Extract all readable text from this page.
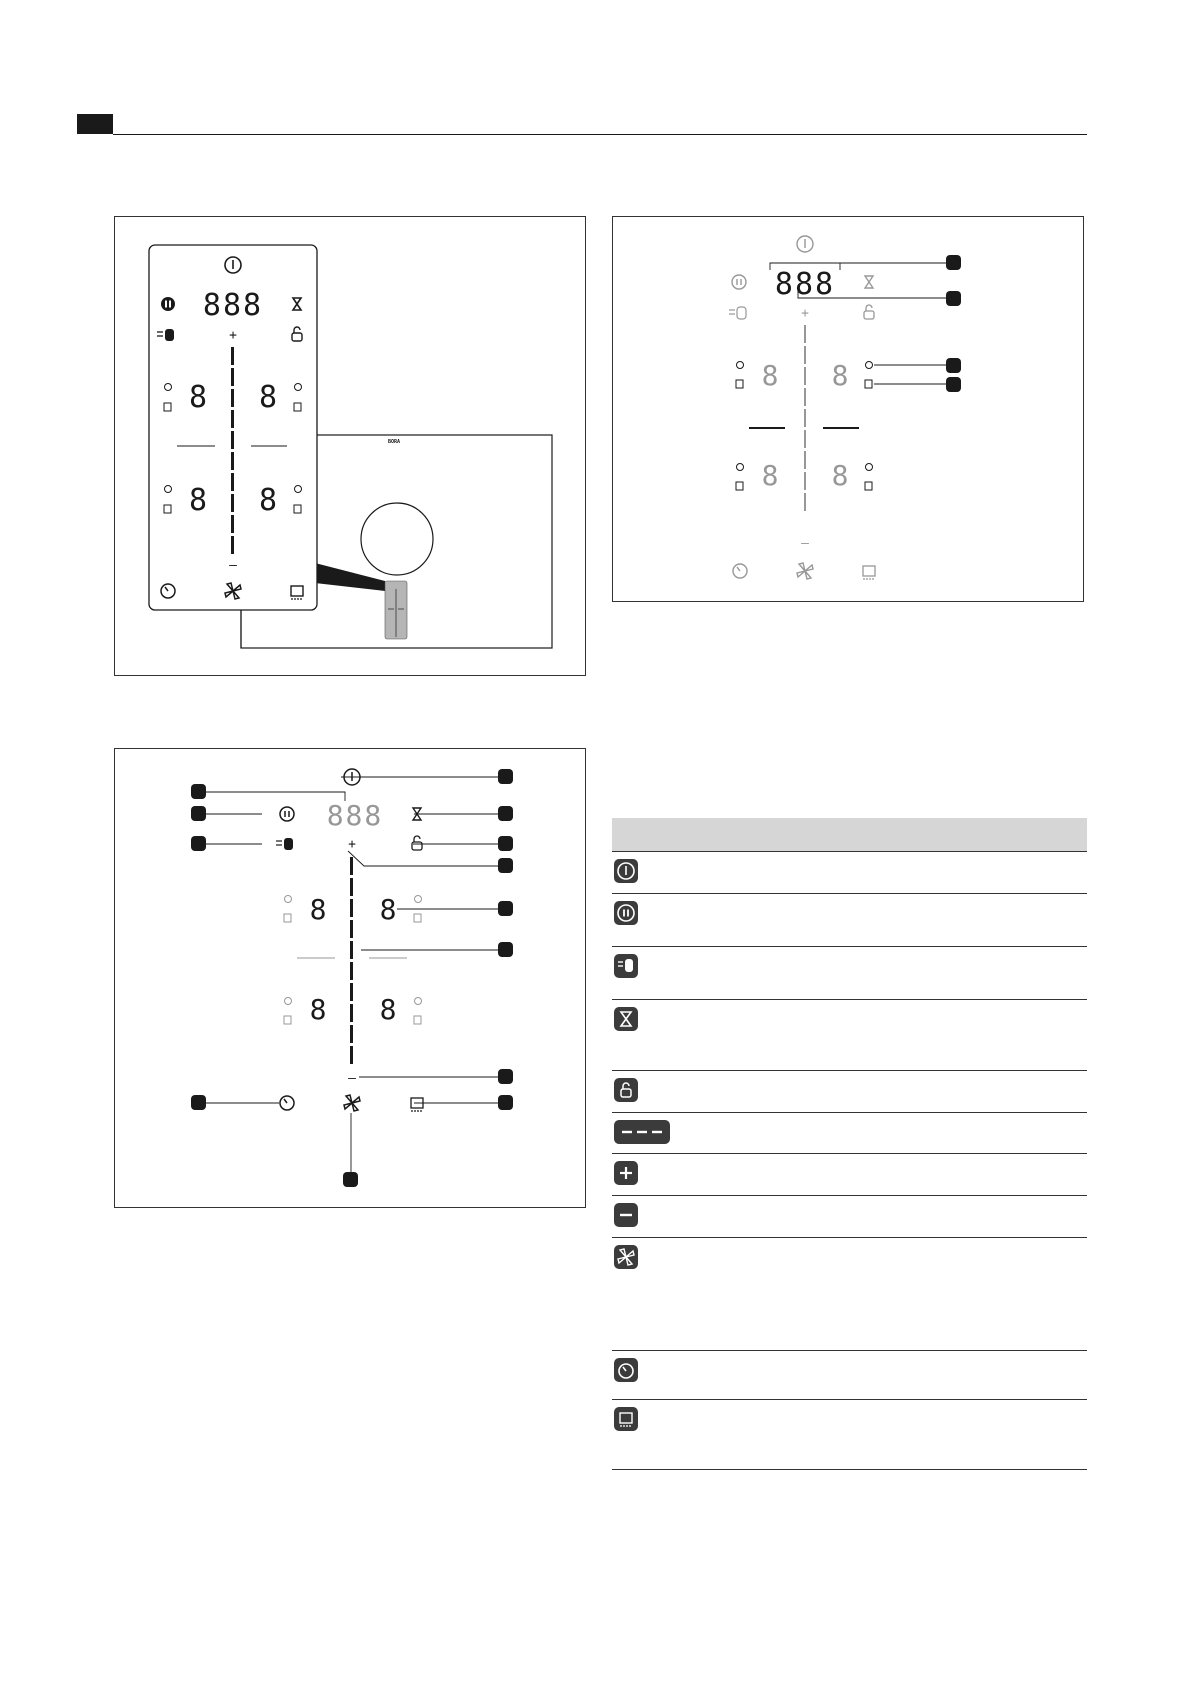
BORA
888
+
–
8 8
8 8
888
+
–
8 8
8 8
888
+
–
8 8
8 8
